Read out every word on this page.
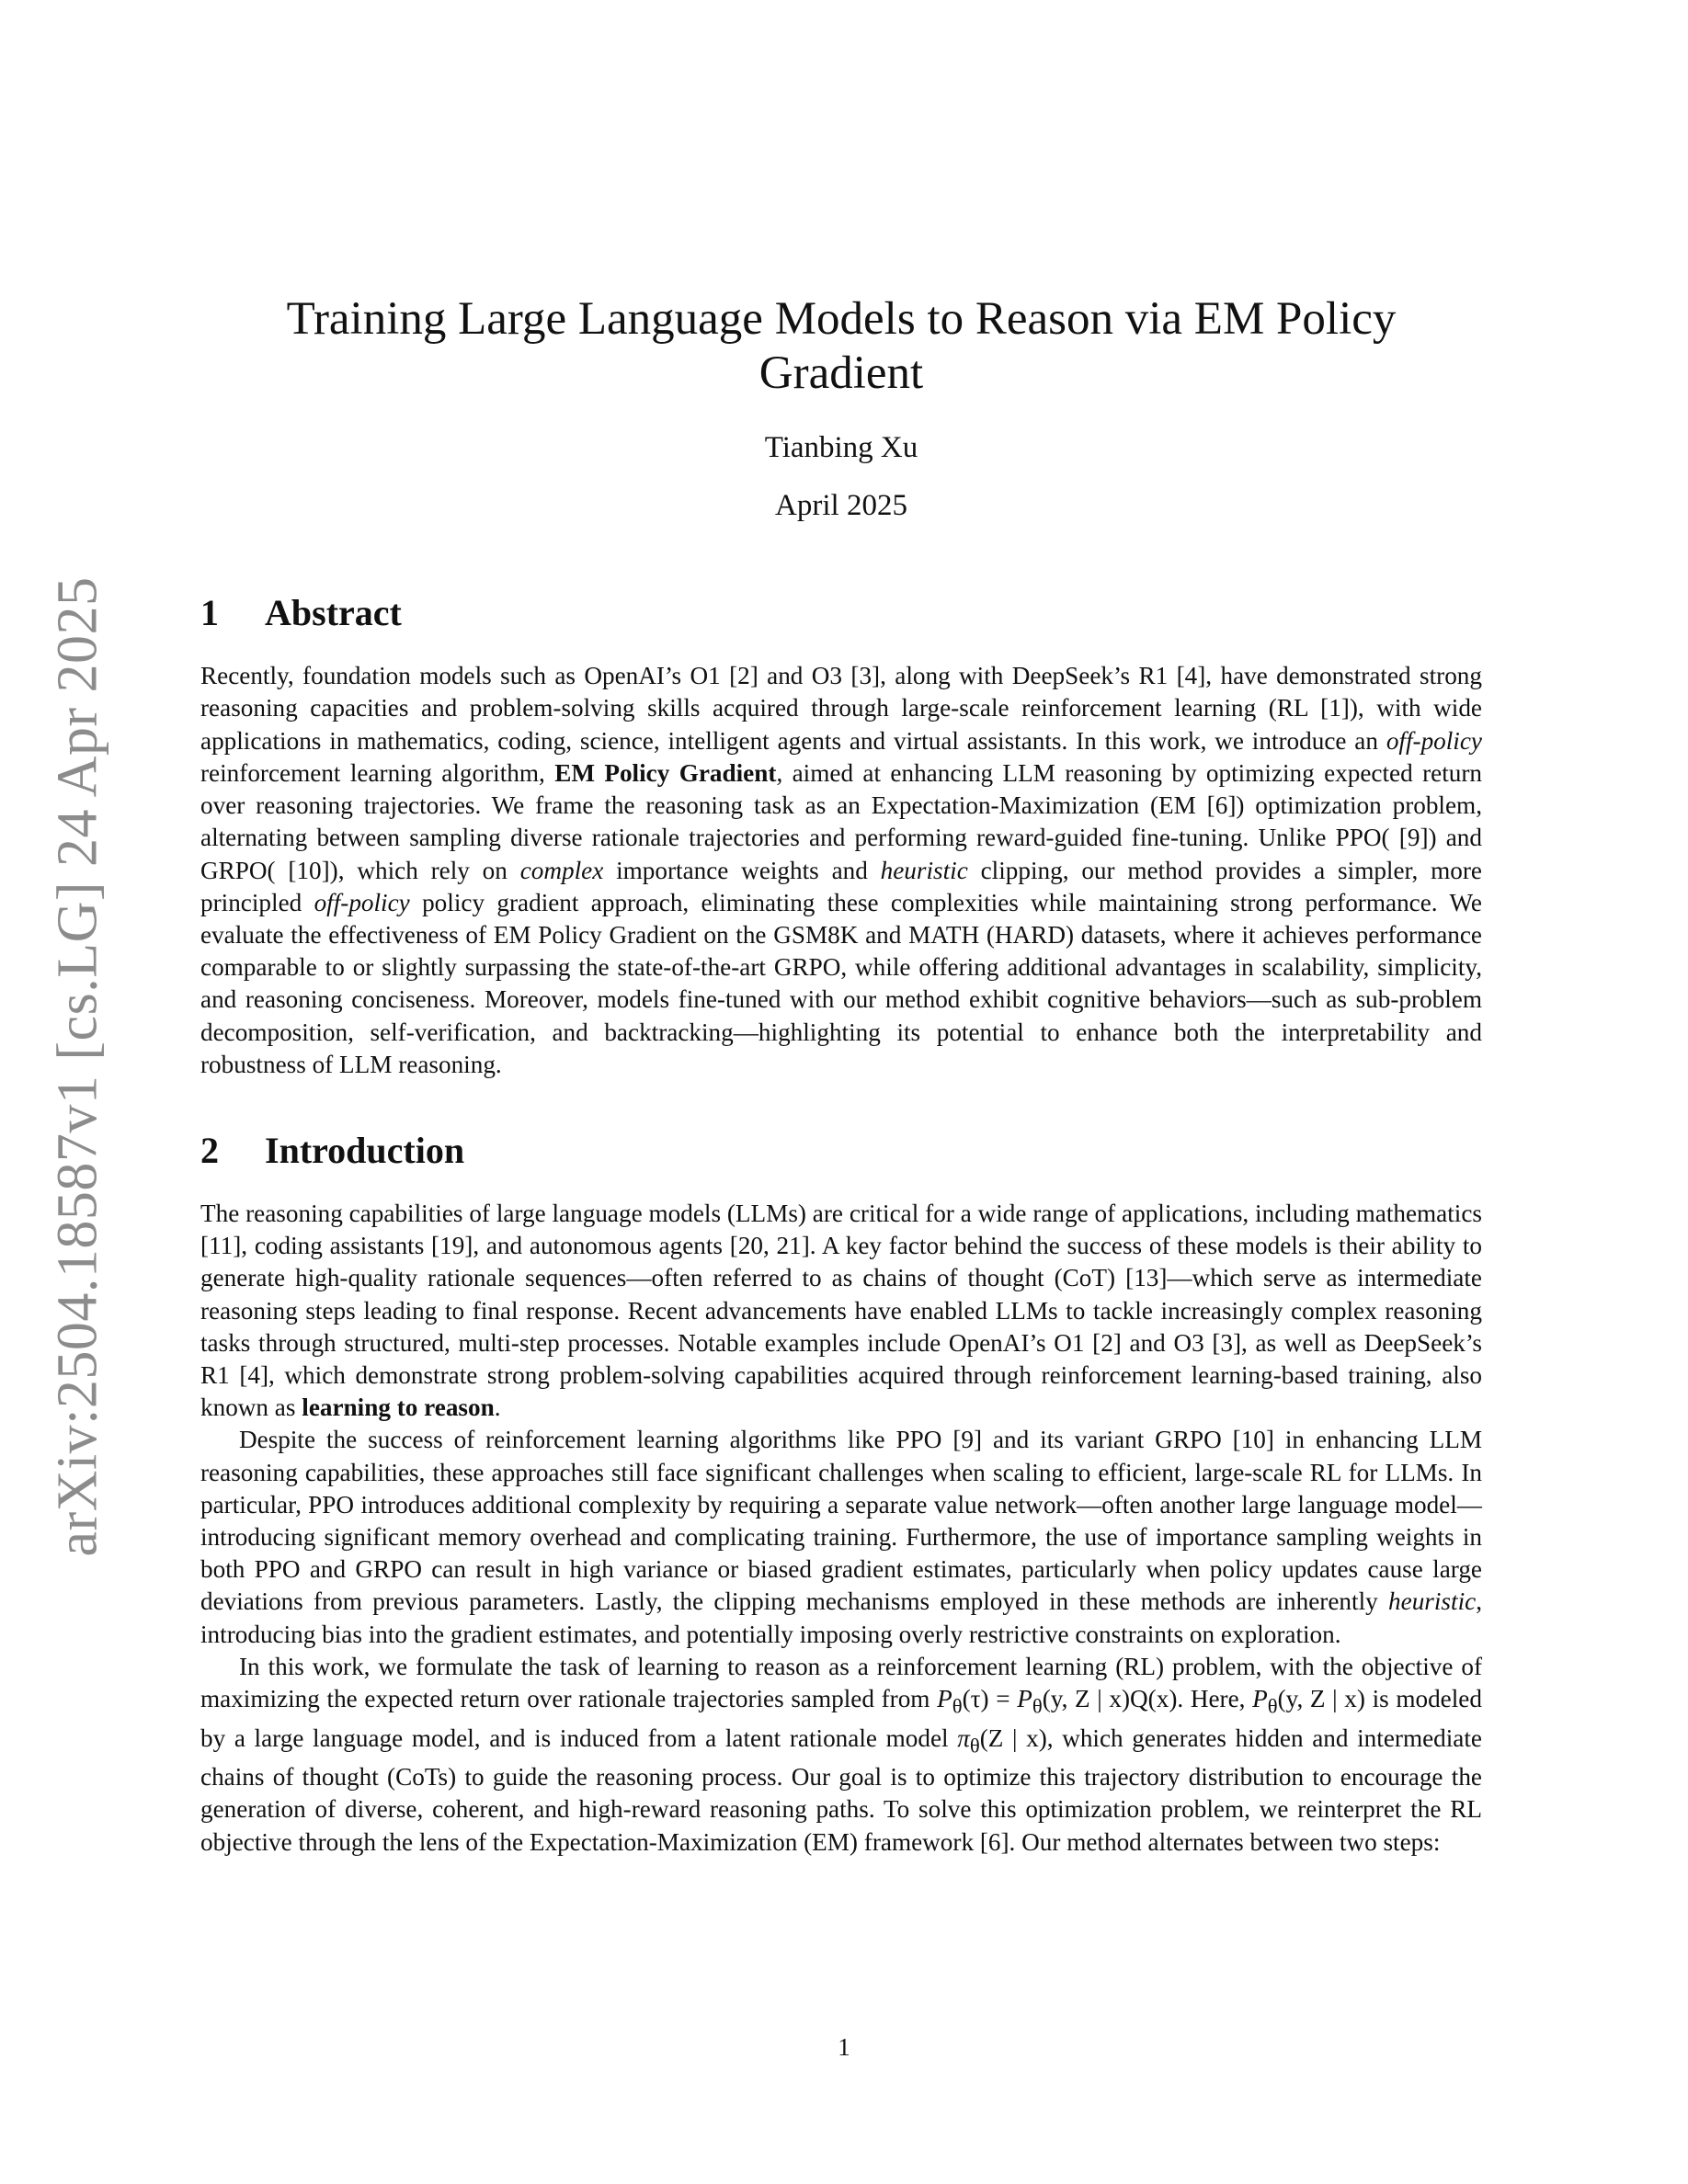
arXiv:2504.18587v1 [cs.LG] 24 Apr 2025
Training Large Language Models to Reason via EM Policy Gradient
Tianbing Xu
April 2025
1 Abstract

Recently, foundation models such as OpenAI’s O1 [2] and O3 [3], along with DeepSeek’s R1 [4], have demonstrated strong reasoning capacities and problem-solving skills acquired through large-scale reinforcement learning (RL [1]), with wide applications in mathematics, coding, science, intelligent agents and virtual assistants. In this work, we introduce an off-policy reinforcement learning algorithm, EM Policy Gradient, aimed at enhancing LLM reasoning by optimizing expected return over reasoning trajectories. We frame the reasoning task as an Expectation-Maximization (EM [6]) optimization problem, alternating between sampling diverse rationale trajectories and performing reward-guided fine-tuning. Unlike PPO( [9]) and GRPO( [10]), which rely on complex importance weights and heuristic clipping, our method provides a simpler, more principled off-policy policy gradient approach, eliminating these complexities while maintaining strong performance. We evaluate the effectiveness of EM Policy Gradient on the GSM8K and MATH (HARD) datasets, where it achieves performance comparable to or slightly surpassing the state-of-the-art GRPO, while offering additional advantages in scalability, simplicity, and reasoning conciseness. Moreover, models fine-tuned with our method exhibit cognitive behaviors—such as sub-problem decomposition, self-verification, and backtracking—highlighting its potential to enhance both the interpretability and robustness of LLM reasoning.

2 Introduction

The reasoning capabilities of large language models (LLMs) are critical for a wide range of applications, including mathematics [11], coding assistants [19], and autonomous agents [20, 21]. A key factor behind the success of these models is their ability to generate high-quality rationale sequences—often referred to as chains of thought (CoT) [13]—which serve as intermediate reasoning steps leading to final response. Recent advancements have enabled LLMs to tackle increasingly complex reasoning tasks through structured, multi-step processes. Notable examples include OpenAI’s O1 [2] and O3 [3], as well as DeepSeek’s R1 [4], which demonstrate strong problem-solving capabilities acquired through reinforcement learning-based training, also known as learning to reason.

Despite the success of reinforcement learning algorithms like PPO [9] and its variant GRPO [10] in enhancing LLM reasoning capabilities, these approaches still face significant challenges when scaling to efficient, large-scale RL for LLMs. In particular, PPO introduces additional complexity by requiring a separate value network—often another large language model—introducing significant memory overhead and complicating training. Furthermore, the use of importance sampling weights in both PPO and GRPO can result in high variance or biased gradient estimates, particularly when policy updates cause large deviations from previous parameters. Lastly, the clipping mechanisms employed in these methods are inherently heuristic, introducing bias into the gradient estimates, and potentially imposing overly restrictive constraints on exploration.

In this work, we formulate the task of learning to reason as a reinforcement learning (RL) problem, with the objective of maximizing the expected return over rationale trajectories sampled from $P_\theta(\tau) = P_\theta(y$, Z | x)Q(x). Here, $P_\theta(y$, Z | x) is modeled by a large language model, and is induced from a latent rationale model $\pi_\theta(Z$ | x), which generates hidden and intermediate chains of thought (CoTs) to guide the reasoning process. Our goal is to optimize this trajectory distribution to encourage the generation of diverse, coherent, and high-reward reasoning paths. To solve this optimization problem, we reinterpret the RL objective through the lens of the Expectation-Maximization (EM) framework [6]. Our method alternates between two steps:

1
